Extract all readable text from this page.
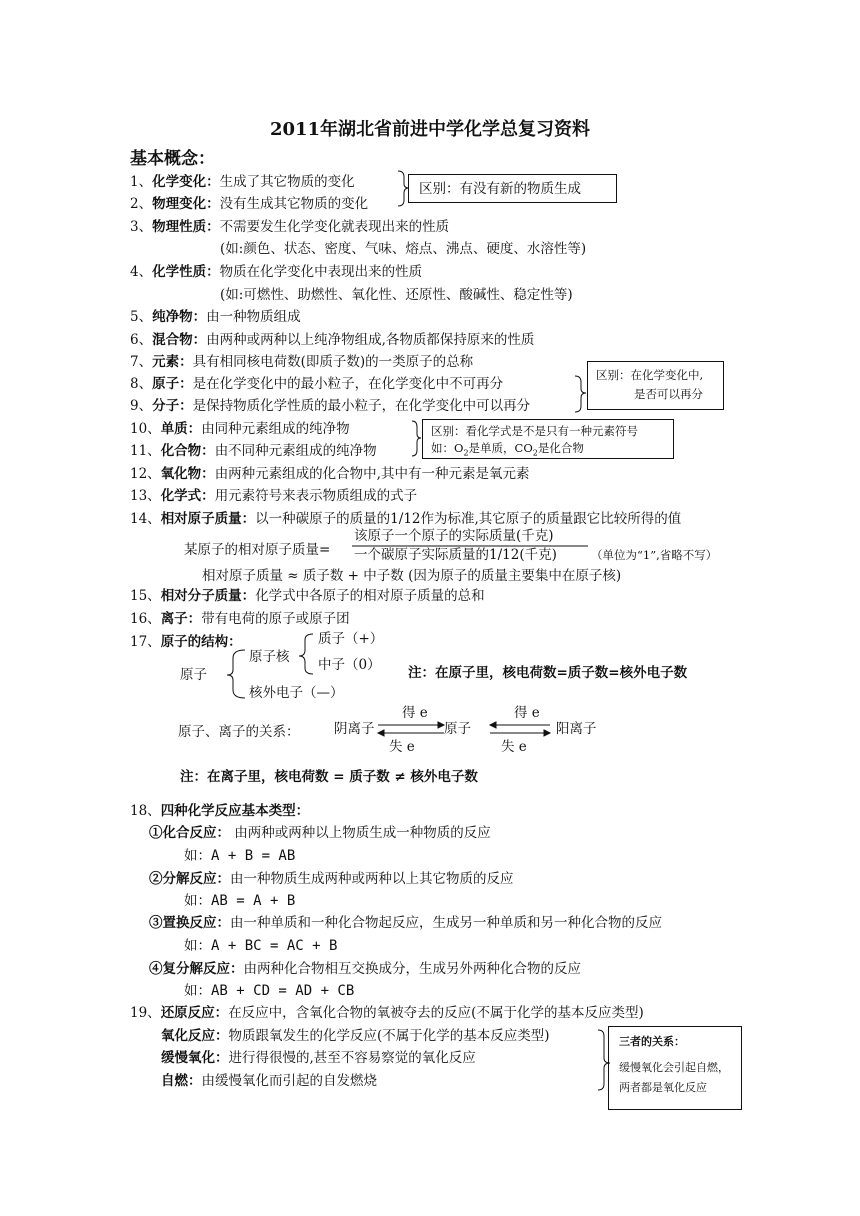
2011年湖北省前进中学化学总复习资料
基本概念：
1、化学变化：生成了其它物质的变化
2、物理变化：没有生成其它物质的变化
3、物理性质：不需要发生化学变化就表现出来的性质
(如:颜色、状态、密度、气味、熔点、沸点、硬度、水溶性等)
4、化学性质：物质在化学变化中表现出来的性质
(如:可燃性、助燃性、氧化性、还原性、酸碱性、稳定性等)
5、纯净物：由一种物质组成
6、混合物：由两种或两种以上纯净物组成,各物质都保持原来的性质
7、元素：具有相同核电荷数(即质子数)的一类原子的总称
8、原子：是在化学变化中的最小粒子，在化学变化中不可再分
9、分子：是保持物质化学性质的最小粒子，在化学变化中可以再分
10、单质：由同种元素组成的纯净物
11、化合物：由不同种元素组成的纯净物
12、氧化物：由两种元素组成的化合物中,其中有一种元素是氧元素
13、化学式：用元素符号来表示物质组成的式子
14、相对原子质量：以一种碳原子的质量的1/12作为标准,其它原子的质量跟它比较所得的值
15、相对分子质量：化学式中各原子的相对原子质量的总和
16、离子：带有电荷的原子或原子团
17、原子的结构：
区别：有没有新的物质生成
区别：在化学变化中,
是否可以再分
区别：看化学式是不是只有一种元素符号
如：$O_2$是单质，$CO_2$是化合物
某原子的相对原子质量=
该原子一个原子的实际质量(千克)
一个碳原子实际质量的1/12(千克)	（单位为“1”,省略不写）
相对原子质量 ≈ 质子数 + 中子数 (因为原子的质量主要集中在原子核)
原子
原子核
质子（+）
中子（0）
核外电子（—）
注：在原子里，核电荷数=质子数=核外电子数
原子、离子的关系：	阴离子	原子	阳离子
得 e
失 e
得 e
失 e
注：在离子里，核电荷数 = 质子数 ≠ 核外电子数
18、四种化学反应基本类型：
①化合反应： 由两种或两种以上物质生成一种物质的反应
如：A + B = AB
②分解反应：由一种物质生成两种或两种以上其它物质的反应
如：AB = A + B
③置换反应：由一种单质和一种化合物起反应，生成另一种单质和另一种化合物的反应
如：A + BC = AC + B
④复分解反应：由两种化合物相互交换成分，生成另外两种化合物的反应
如：AB + CD = AD + CB
19、还原反应：在反应中，含氧化合物的氧被夺去的反应(不属于化学的基本反应类型)
氧化反应：物质跟氧发生的化学反应(不属于化学的基本反应类型)
缓慢氧化：进行得很慢的,甚至不容易察觉的氧化反应
自燃：由缓慢氧化而引起的自发燃烧
三者的关系：
缓慢氧化会引起自燃，
两者都是氧化反应
